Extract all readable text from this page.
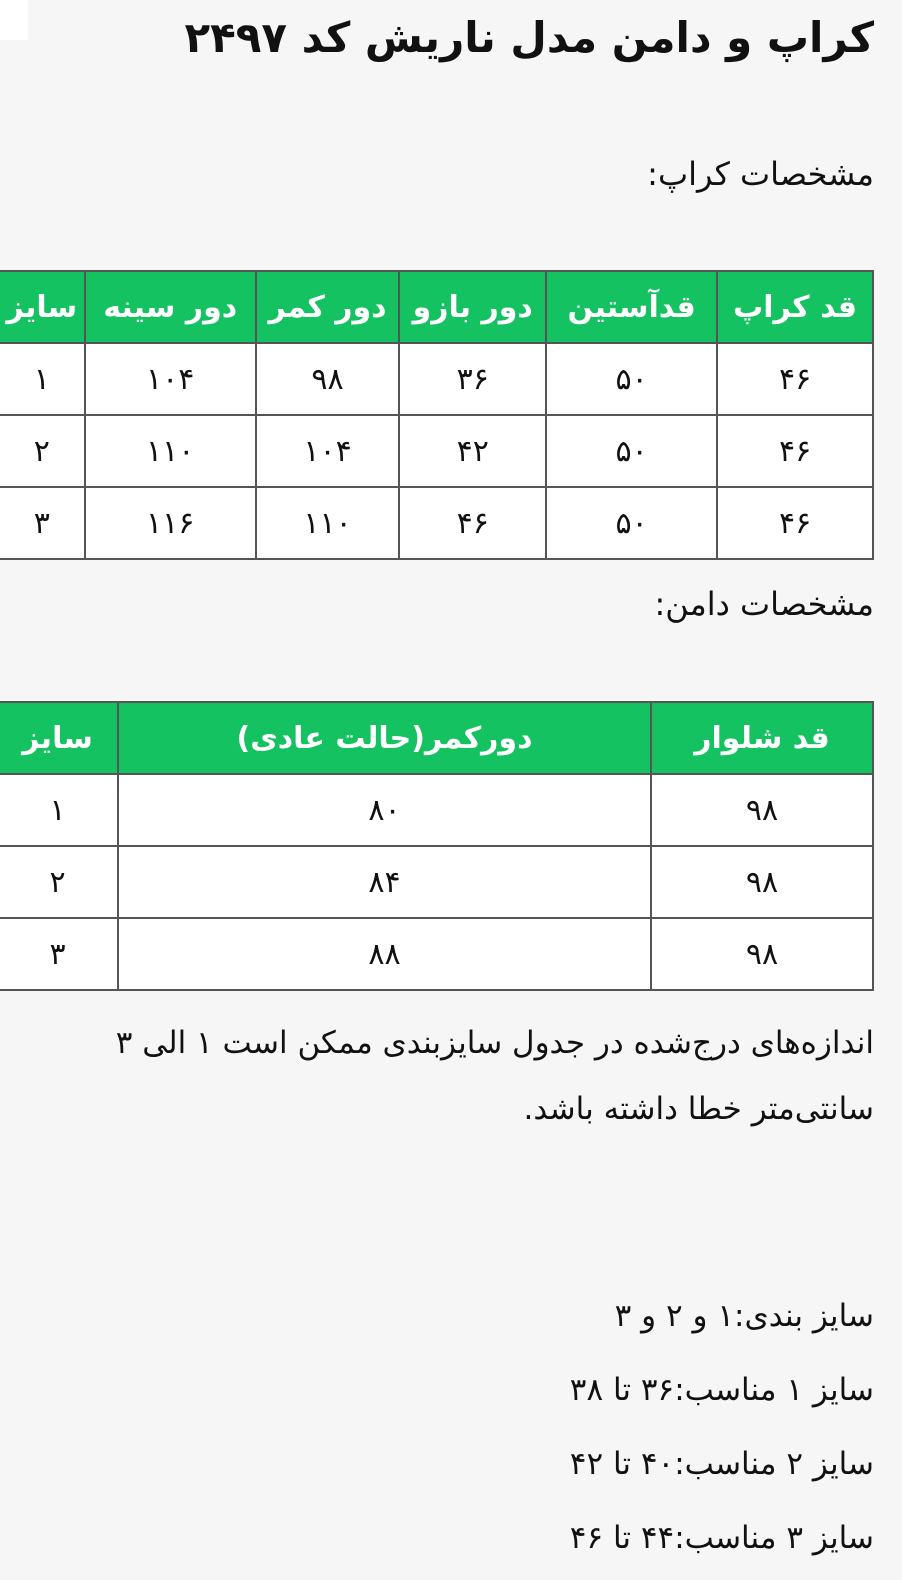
کراپ و دامن مدل ناریش کد ۲۴۹۷
مشخصات کراپ:
قد کراپ	قدآستین	دور بازو	دور کمر	دور سینه	سایز
۴۶	۵۰	۳۶	۹۸	۱۰۴	۱
۴۶	۵۰	۴۲	۱۰۴	۱۱۰	۲
۴۶	۵۰	۴۶	۱۱۰	۱۱۶	۳
مشخصات دامن:
قد شلوار	دورکمر(حالت عادی)	سایز
۹۸	۸۰	۱
۹۸	۸۴	۲
۹۸	۸۸	۳

اندازه‌های درج‌شده در جدول سایزبندی ممکن است ۱ الی ۳ سانتی‌متر خطا داشته باشد.

سایز بندی:۱ و ۲ و ۳

سایز ۱ مناسب:۳۶ تا ۳۸

سایز ۲ مناسب:۴۰ تا ۴۲

سایز ۳ مناسب:۴۴ تا ۴۶
